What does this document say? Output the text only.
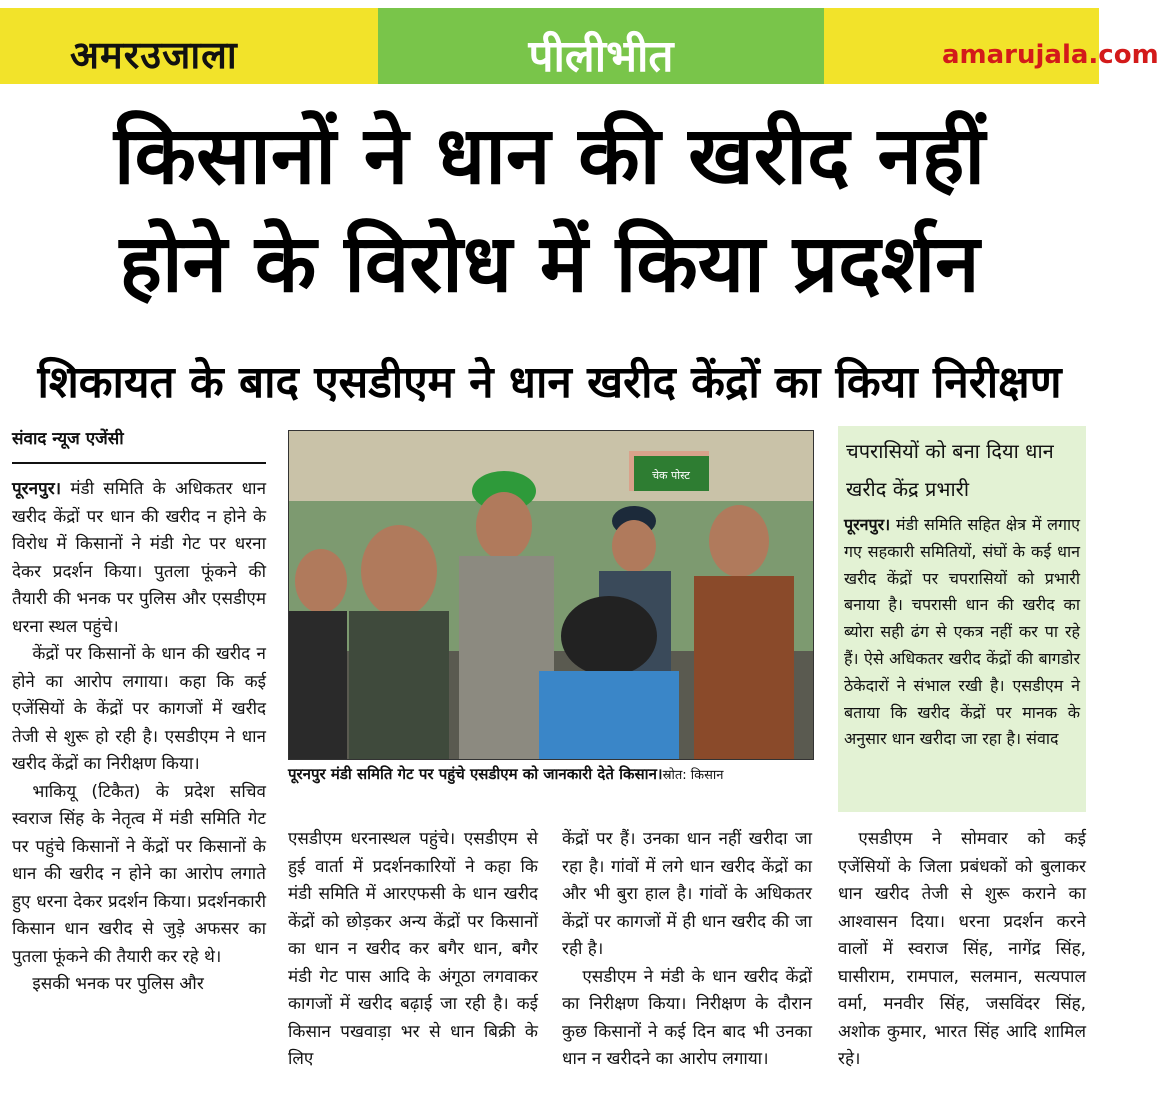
अमरउजाला	पीलीभीत	amarujala.com
किसानों ने धान की खरीद नहीं
होने के विरोध में किया प्रदर्शन
शिकायत के बाद एसडीएम ने धान खरीद केंद्रों का किया निरीक्षण
संवाद न्यूज एजेंसी

पूरनपुर। मंडी समिति के अधिकतर धान खरीद केंद्रों पर धान की खरीद न होने के विरोध में किसानों ने मंडी गेट पर धरना देकर प्रदर्शन किया। पुतला फूंकने की तैयारी की भनक पर पुलिस और एसडीएम धरना स्थल पहुंचे।

केंद्रों पर किसानों के धान की खरीद न होने का आरोप लगाया। कहा कि कई एजेंसियों के केंद्रों पर कागजों में खरीद तेजी से शुरू हो रही है। एसडीएम ने धान खरीद केंद्रों का निरीक्षण किया।

भाकियू (टिकैत) के प्रदेश सचिव स्वराज सिंह के नेतृत्व में मंडी समिति गेट पर पहुंचे किसानों ने केंद्रों पर किसानों के धान की खरीद न होने का आरोप लगाते हुए धरना देकर प्रदर्शन किया। प्रदर्शनकारी किसान धान खरीद से जुड़े अफसर का पुतला फूंकने की तैयारी कर रहे थे।

इसकी भनक पर पुलिस और

चेक पोस्ट
पूरनपुर मंडी समिति गेट पर पहुंचे एसडीएम को जानकारी देते किसान।स्रोत: किसान

एसडीएम धरनास्थल पहुंचे। एसडीएम से हुई वार्ता में प्रदर्शनकारियों ने कहा कि मंडी समिति में आरएफसी के धान खरीद केंद्रों को छोड़कर अन्य केंद्रों पर किसानों का धान न खरीद कर बगैर धान, बगैर मंडी गेट पास आदि के अंगूठा लगवाकर कागजों में खरीद बढ़ाई जा रही है। कई किसान पखवाड़ा भर से धान बिक्री के लिए

केंद्रों पर हैं। उनका धान नहीं खरीदा जा रहा है। गांवों में लगे धान खरीद केंद्रों का और भी बुरा हाल है। गांवों के अधिकतर केंद्रों पर कागजों में ही धान खरीद की जा रही है।

एसडीएम ने मंडी के धान खरीद केंद्रों का निरीक्षण किया। निरीक्षण के दौरान कुछ किसानों ने कई दिन बाद भी उनका धान न खरीदने का आरोप लगाया।

चपरासियों को बना दिया धान खरीद केंद्र प्रभारी
पूरनपुर। मंडी समिति सहित क्षेत्र में लगाए गए सहकारी समितियों, संघों के कई धान खरीद केंद्रों पर चपरासियों को प्रभारी बनाया है। चपरासी धान की खरीद का ब्योरा सही ढंग से एकत्र नहीं कर पा रहे हैं। ऐसे अधिकतर खरीद केंद्रों की बागडोर ठेकेदारों ने संभाल रखी है। एसडीएम ने बताया कि खरीद केंद्रों पर मानक के अनुसार धान खरीदा जा रहा है। संवाद

एसडीएम ने सोमवार को कई एजेंसियों के जिला प्रबंधकों को बुलाकर धान खरीद तेजी से शुरू कराने का आश्वासन दिया। धरना प्रदर्शन करने वालों में स्वराज सिंह, नागेंद्र सिंह, घासीराम, रामपाल, सलमान, सत्यपाल वर्मा, मनवीर सिंह, जसविंदर सिंह, अशोक कुमार, भारत सिंह आदि शामिल रहे।
